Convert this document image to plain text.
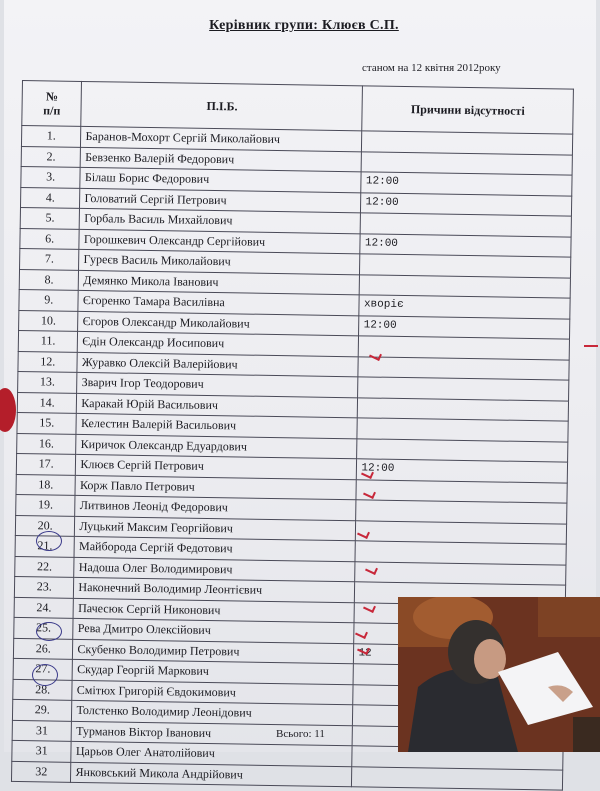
Керівник групи: Клюєв С.П.
станом на 12 квітня 2012року
№
п/п	П.І.Б.	Причини відсутності
1.	Баранов-Мохорт Сергій Миколайович	
2.	Бевзенко Валерій Федорович	
3.	Білаш Борис Федорович	12:00
4.	Головатий Сергій Петрович	12:00
5.	Горбаль Василь Михайлович	
6.	Горошкевич Олександр Сергійович	12:00
7.	Гуреєв Василь Миколайович	
8.	Демянко Микола Іванович	
9.	Єгоренко Тамара Василівна	хворіє
10.	Єгоров Олександр Миколайович	12:00
11.	Єдін Олександр Иосипович	
12.	Журавко Олексій Валерійович	
13.	Зварич Ігор Теодорович	
14.	Каракай Юрій Васильович	
15.	Келестин Валерій Васильович	
16.	Киричок Олександр Едуардович	
17.	Клюєв Сергій Петрович	12:00
18.	Корж Павло Петрович	
19.	Литвинов Леонід Федорович	
20.	Луцький Максим Георгійович	
21.	Майборода Сергій Федотович	
22.	Надоша Олег Володимирович	
23.	Наконечний Володимир Леонтієвич	
24.	Пачесюк Сергій Никонович	
25.	Рева Дмитро Олексійович	
26.	Скубенко Володимир Петрович	12
27.	Скудар Георгій Маркович	
28.	Смітюх Григорій Євдокимович	
29.	Толстенко Володимир Леонідович	
31	Турманов Віктор Іванович	
31	Царьов Олег Анатолійович	
32	Янковський Микола Андрійович	
Всього: 11
